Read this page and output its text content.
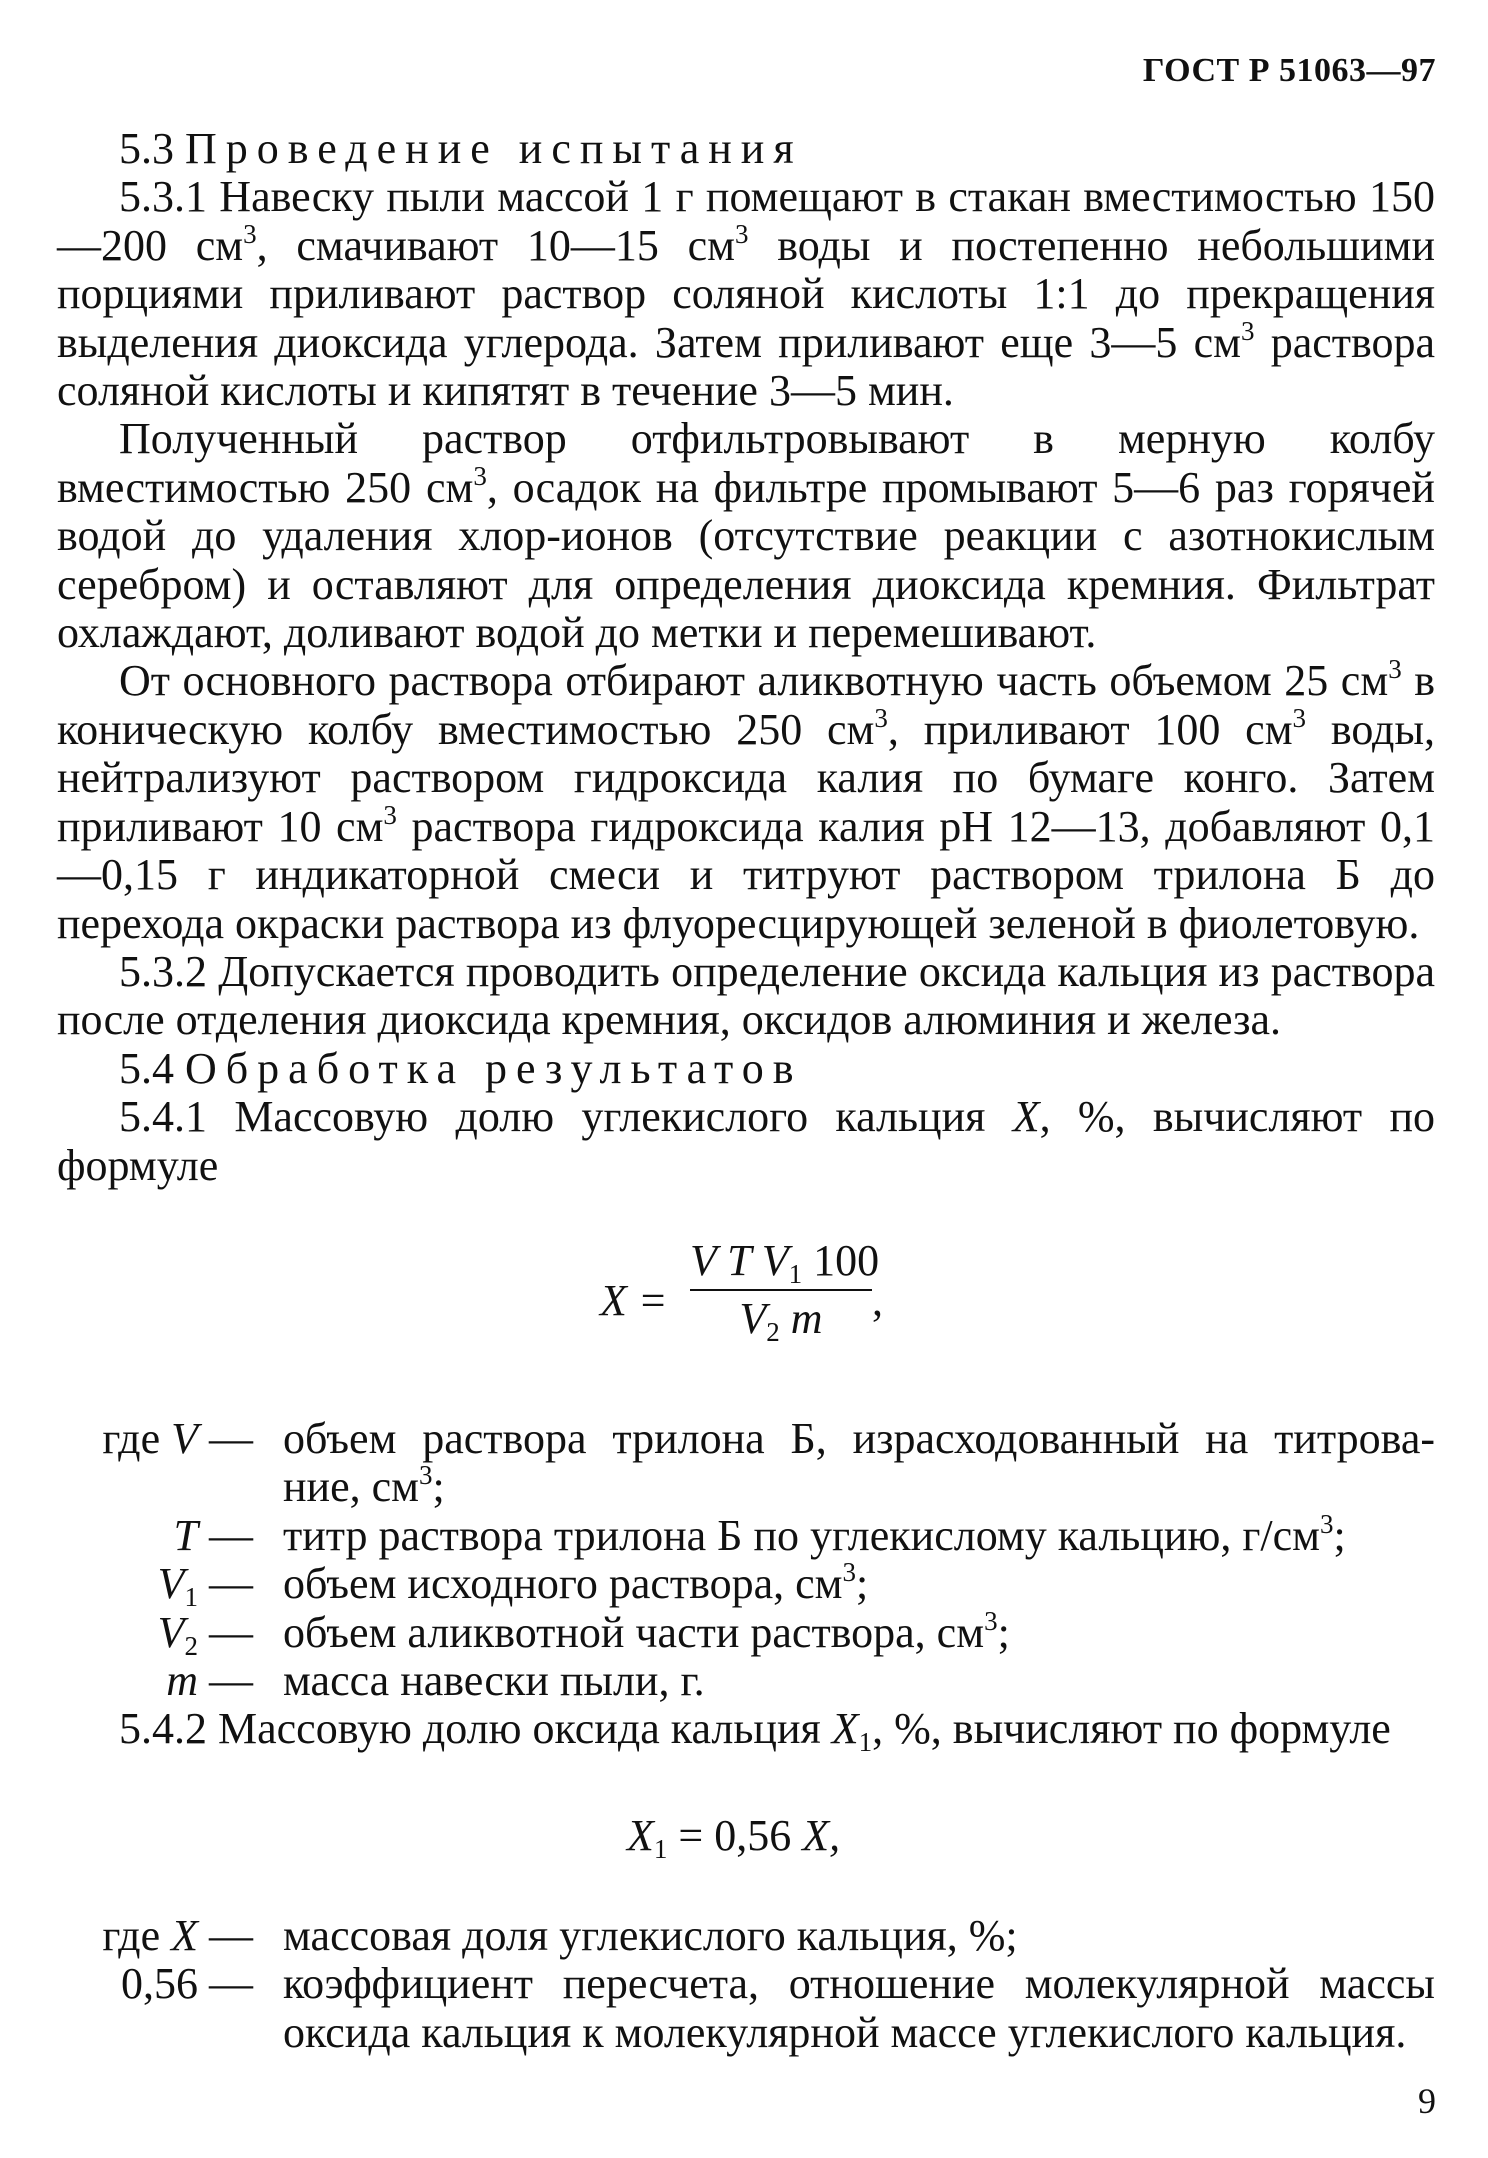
ГОСТ Р 51063—97

5.3 Проведение испытания

5.3.1 Навеску пыли массой 1 г помещают в стакан вместимостью 150—200 $см^3$, смачивают 10—15 $см^3$ воды и постепенно небольшими порциями приливают раствор соляной кислоты 1:1 до прекращения выделения диоксида углерода. Затем приливают еще 3—5 $см^3$ раствора соляной кислоты и кипятят в течение 3—5 мин.

Полученный раствор отфильтровывают в мерную колбу вместимостью 250 $см^3$, осадок на фильтре промывают 5—6 раз горячей водой до удаления хлор-ионов (отсутствие реакции с азотнокислым серебром) и оставляют для определения диоксида кремния. Фильтрат охлаждают, доливают водой до метки и перемешивают.

От основного раствора отбирают аликвотную часть объемом 25 $см^3$ в коническую колбу вместимостью 250 $см^3$, приливают 100 $см^3$ воды, нейтрализуют раствором гидроксида калия по бумаге конго. Затем приливают 10 $см^3$ раствора гидроксида калия рН 12—13, добавляют 0,1—0,15 г индикаторной смеси и титруют раствором трилона Б до перехода окраски раствора из флуоресцирующей зеленой в фиолетовую.

5.3.2 Допускается проводить определение оксида кальция из раствора после отделения диоксида кремния, оксидов алюминия и железа.

5.4 Обработка результатов

5.4.1 Массовую долю углекислого кальция X, %, вычисляют по формуле

X =
V T $V_1$ 100
$V_2$ m	,
где V — объем раствора трилона Б, израсходованный на титрова-
ние, $см^3$;
T — титр раствора трилона Б по углекислому кальцию, $г/см^3$;
$V_1$ — объем исходного раствора, $см^3$;
$V_2$ — объем аликвотной части раствора, $см^3$;
m — масса навески пыли, г.

5.4.2 Массовую долю оксида кальция $X_1$, %, вычисляют по формуле

$X_1 = 0,56$ X,
где X — массовая доля углекислого кальция, %;
0,56 — коэффициент пересчета, отношение молекулярной массы
оксида кальция к молекулярной массе углекислого кальция.
9
